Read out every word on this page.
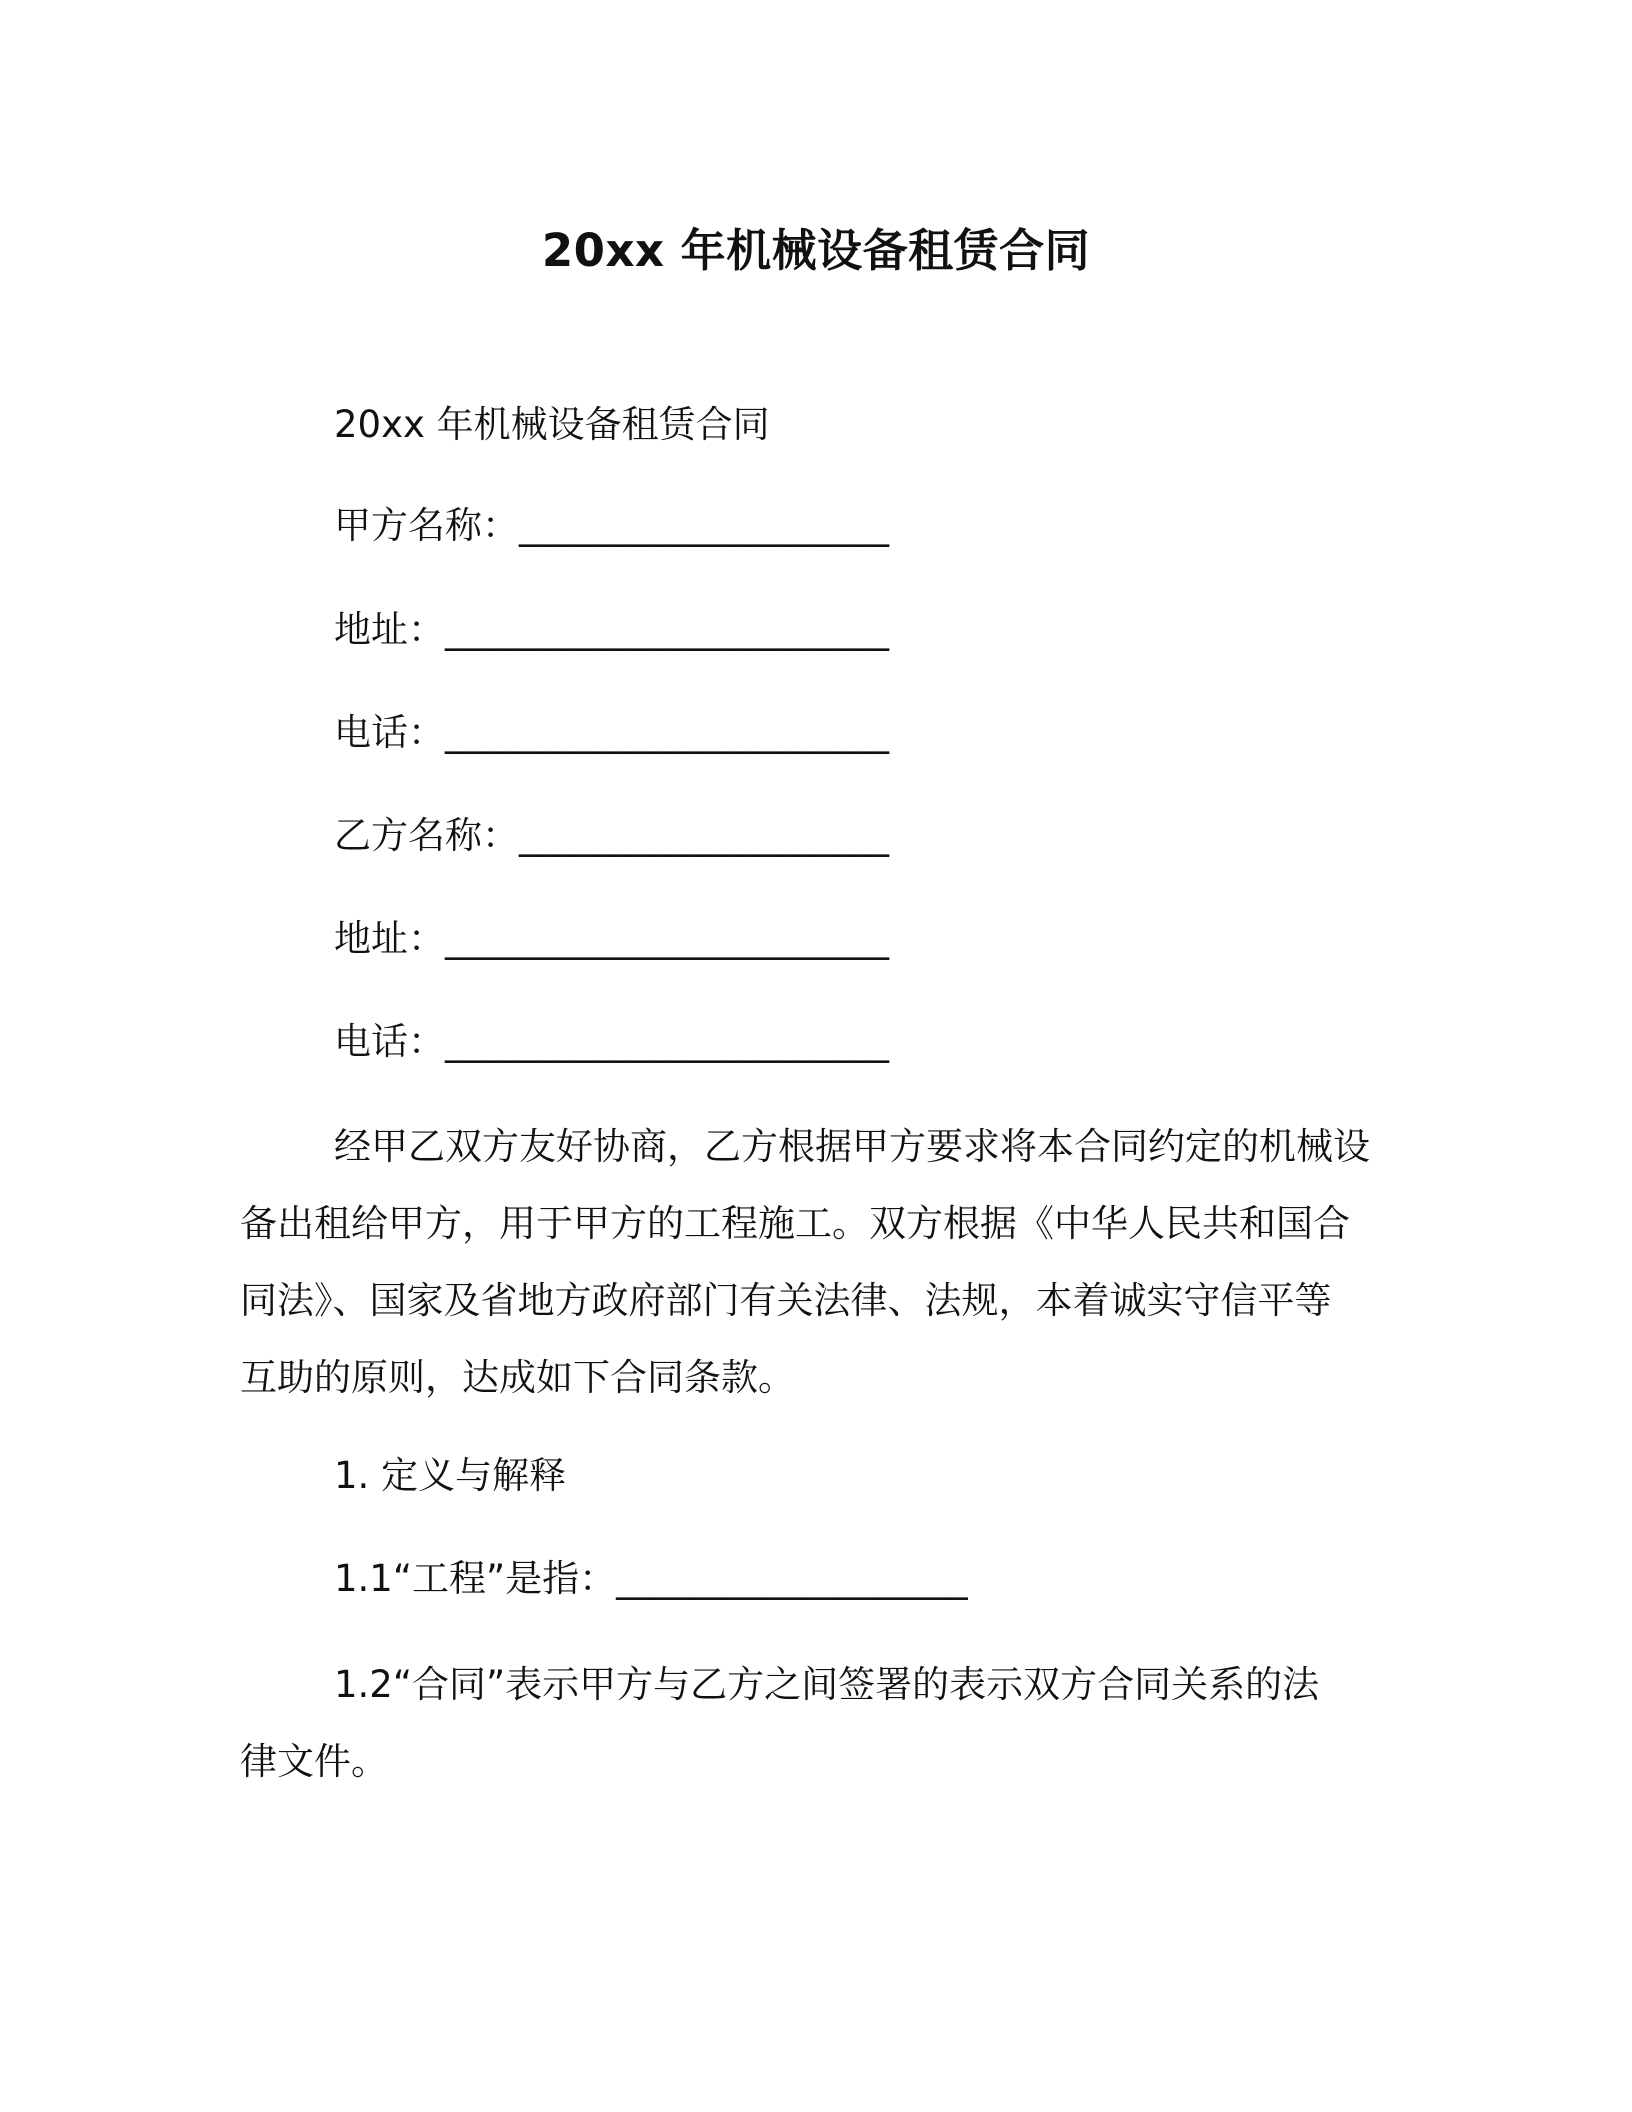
20xx 年机械设备租赁合同
20xx 年机械设备租赁合同
甲方名称：____________________
地址：________________________
电话：________________________
乙方名称：____________________
地址：________________________
电话：________________________
经甲乙双方友好协商，乙方根据甲方要求将本合同约定的机械设
备出租给甲方，用于甲方的工程施工。双方根据《中华人民共和国合
同法》、国家及省地方政府部门有关法律、法规，本着诚实守信平等
互助的原则，达成如下合同条款。
1. 定义与解释
1.1“工程”是指：___________________
1.2“合同”表示甲方与乙方之间签署的表示双方合同关系的法
律文件。
